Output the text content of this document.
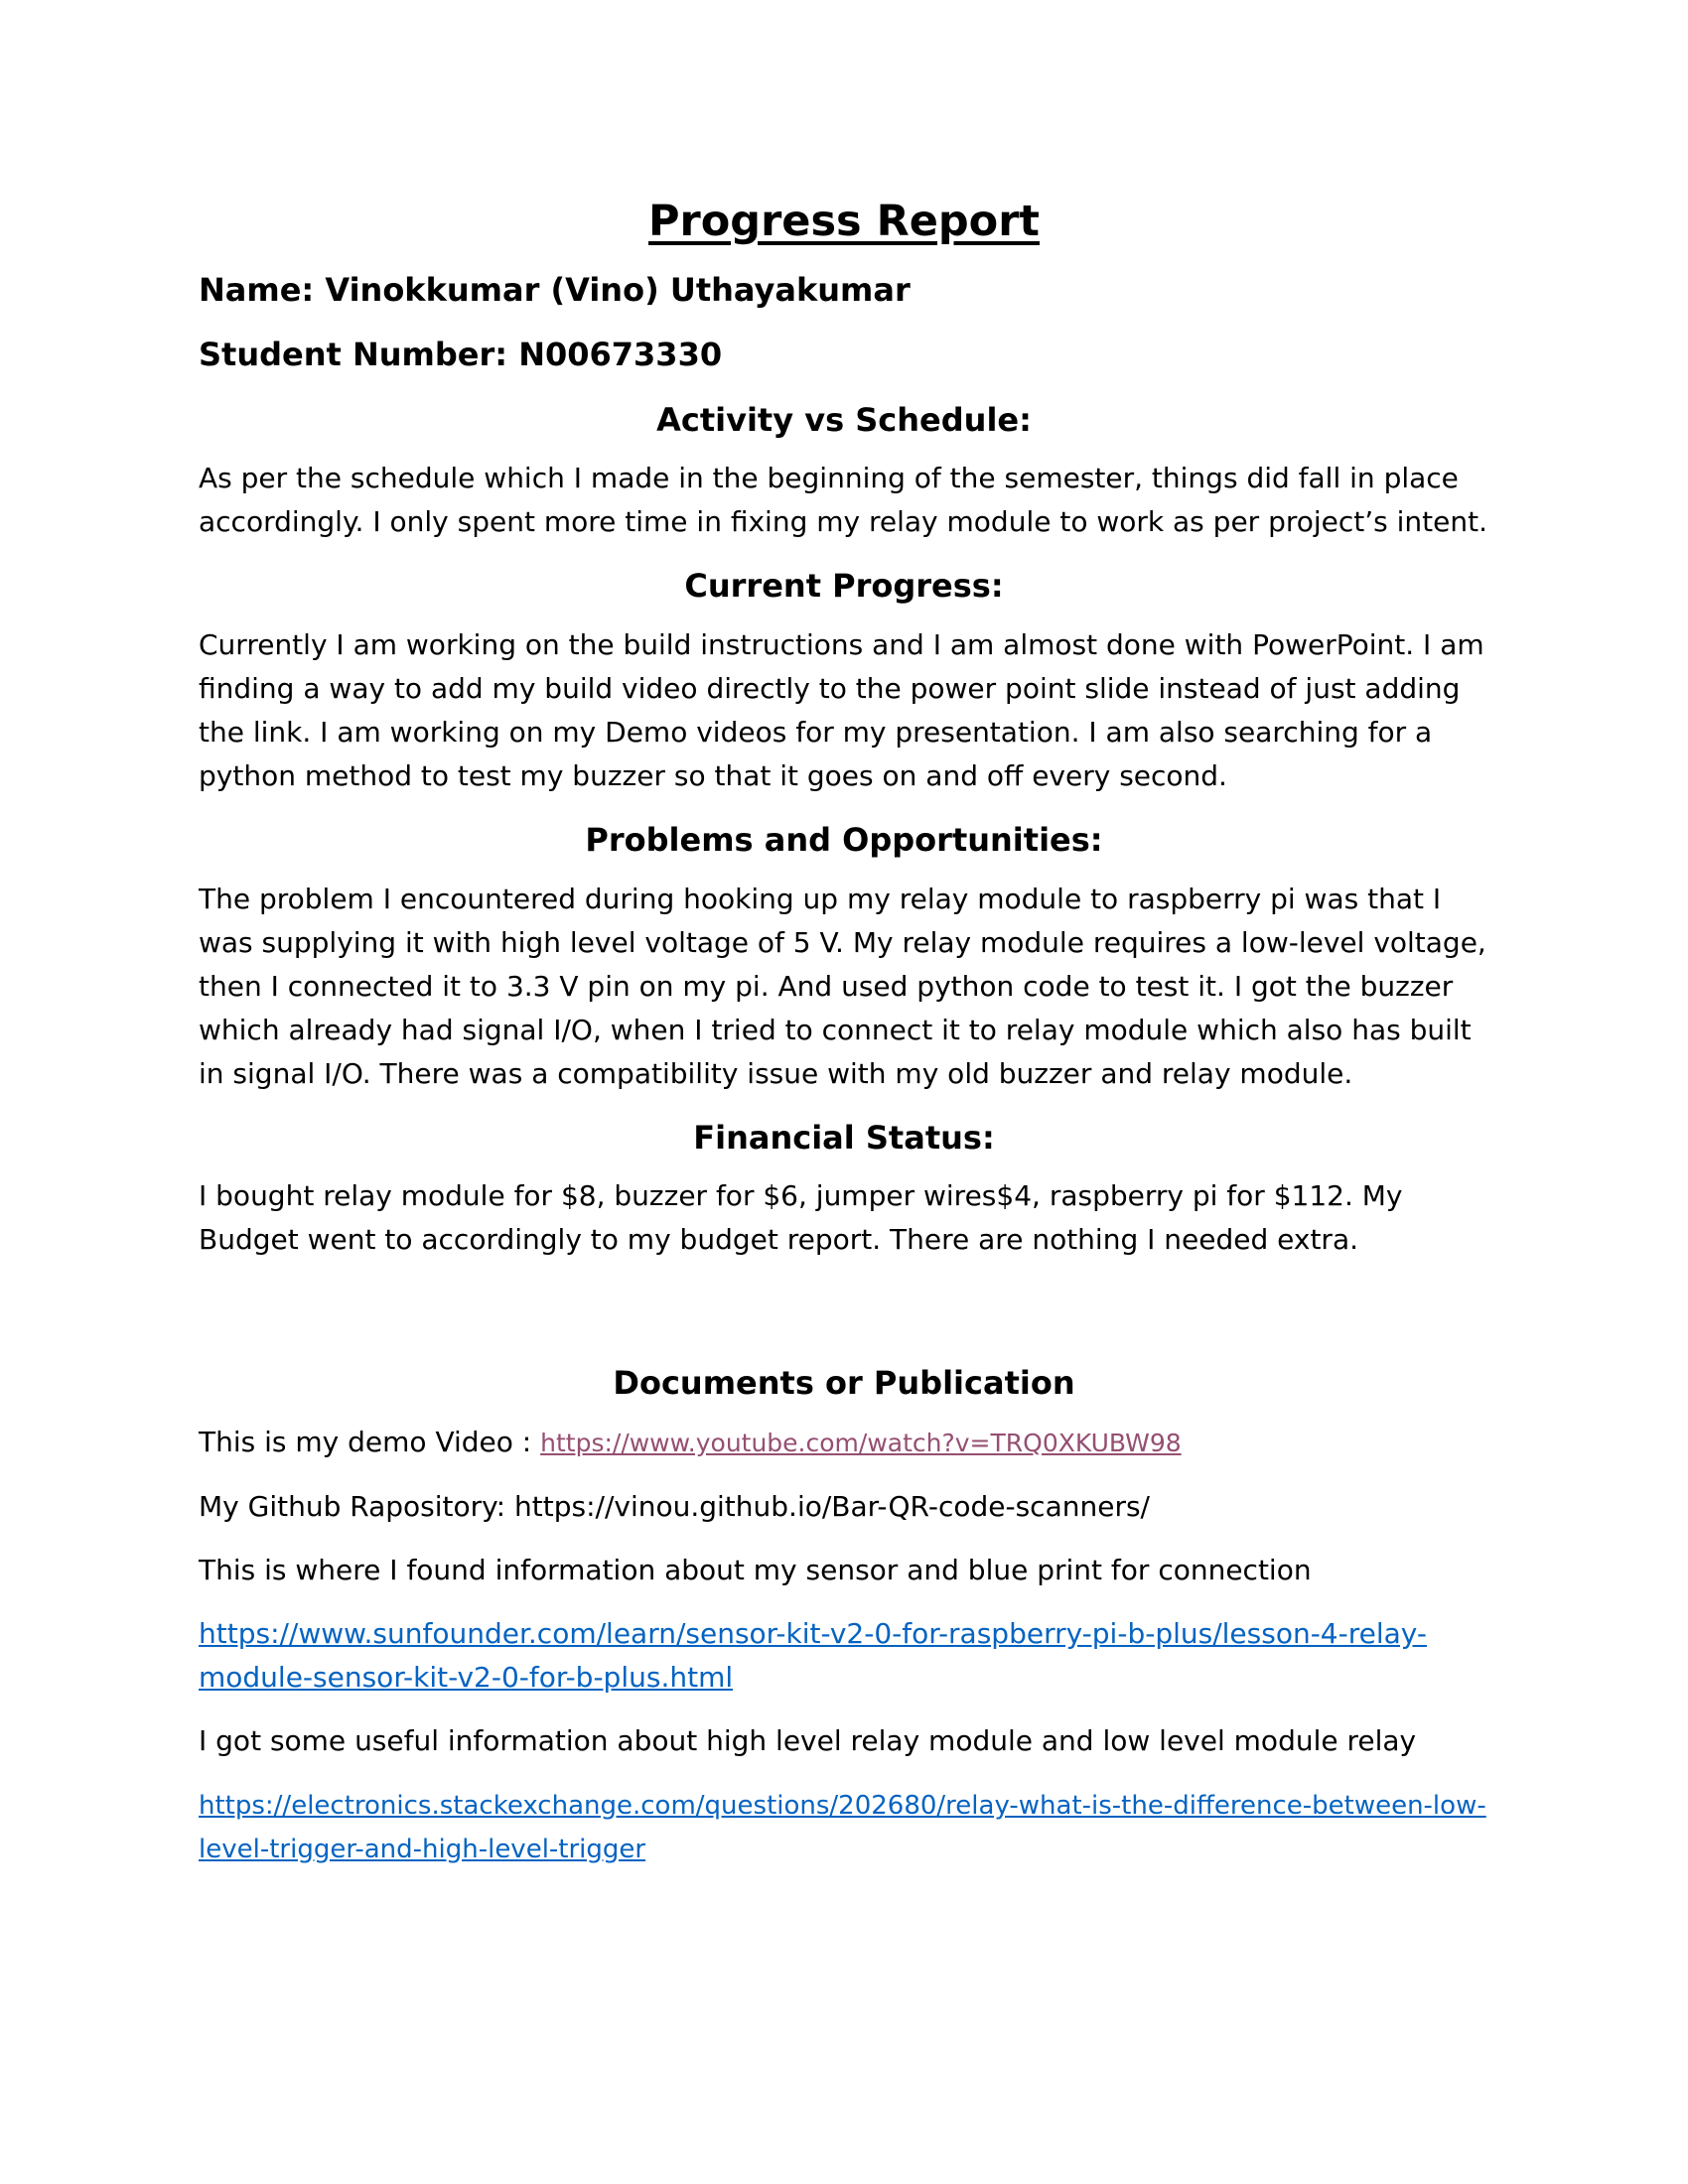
Progress Report

Name: Vinokkumar (Vino) Uthayakumar

Student Number: N00673330

Activity vs Schedule:

As per the schedule which I made in the beginning of the semester, things did fall in place accordingly. I only spent more time in fixing my relay module to work as per project’s intent.

Current Progress:

Currently I am working on the build instructions and I am almost done with PowerPoint. I am finding a way to add my build video directly to the power point slide instead of just adding the link. I am working on my Demo videos for my presentation. I am also searching for a python method to test my buzzer so that it goes on and off every second.

Problems and Opportunities:

The problem I encountered during hooking up my relay module to raspberry pi was that I was supplying it with high level voltage of 5 V. My relay module requires a low-level voltage, then I connected it to 3.3 V pin on my pi. And used python code to test it. I got the buzzer which already had signal I/O, when I tried to connect it to relay module which also has built in signal I/O. There was a compatibility issue with my old buzzer and relay module.

Financial Status:

I bought relay module for $8, buzzer for $6, jumper wires$4, raspberry pi for $112. My Budget went to accordingly to my budget report. There are nothing I needed extra.

Documents or Publication

This is my demo Video : https://www.youtube.com/watch?v=TRQ0XKUBW98

My Github Rapository: https://vinou.github.io/Bar-QR-code-scanners/

This is where I found information about my sensor and blue print for connection

https://www.sunfounder.com/learn/sensor-kit-v2-0-for-raspberry-pi-b-plus/lesson-4-relay-module-sensor-kit-v2-0-for-b-plus.html

I got some useful information about high level relay module and low level module relay

https://electronics.stackexchange.com/questions/202680/relay-what-is-the-difference-between-low-level-trigger-and-high-level-trigger
